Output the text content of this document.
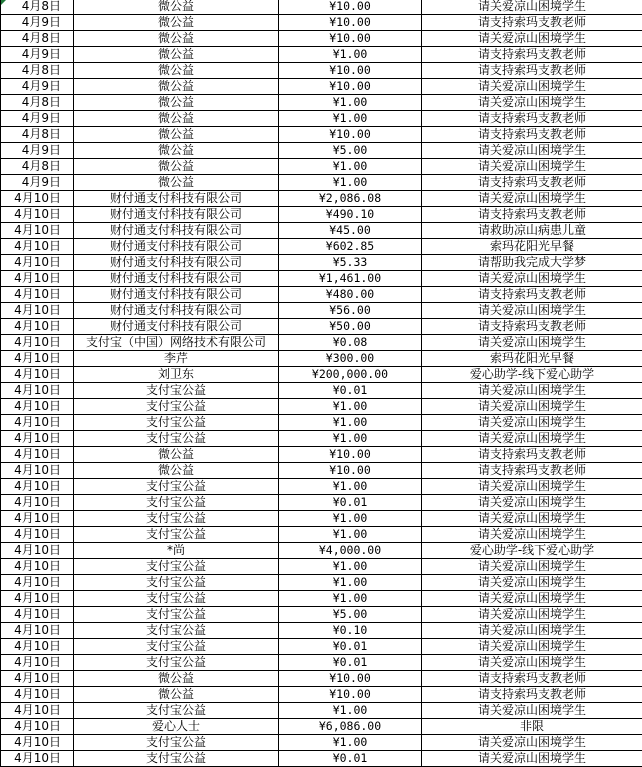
4月8日	微公益	¥10.00	请关爱凉山困境学生
4月9日	微公益	¥10.00	请支持索玛支教老师
4月8日	微公益	¥10.00	请关爱凉山困境学生
4月9日	微公益	¥1.00	请支持索玛支教老师
4月8日	微公益	¥10.00	请支持索玛支教老师
4月9日	微公益	¥10.00	请关爱凉山困境学生
4月8日	微公益	¥1.00	请关爱凉山困境学生
4月9日	微公益	¥1.00	请支持索玛支教老师
4月8日	微公益	¥10.00	请支持索玛支教老师
4月9日	微公益	¥5.00	请关爱凉山困境学生
4月8日	微公益	¥1.00	请关爱凉山困境学生
4月9日	微公益	¥1.00	请支持索玛支教老师
4月10日	财付通支付科技有限公司	¥2,086.08	请关爱凉山困境学生
4月10日	财付通支付科技有限公司	¥490.10	请支持索玛支教老师
4月10日	财付通支付科技有限公司	¥45.00	请救助凉山病患儿童
4月10日	财付通支付科技有限公司	¥602.85	索玛花阳光早餐
4月10日	财付通支付科技有限公司	¥5.33	请帮助我完成大学梦
4月10日	财付通支付科技有限公司	¥1,461.00	请关爱凉山困境学生
4月10日	财付通支付科技有限公司	¥480.00	请支持索玛支教老师
4月10日	财付通支付科技有限公司	¥56.00	请关爱凉山困境学生
4月10日	财付通支付科技有限公司	¥50.00	请支持索玛支教老师
4月10日	支付宝（中国）网络技术有限公司	¥0.08	请关爱凉山困境学生
4月10日	李芹	¥300.00	索玛花阳光早餐
4月10日	刘卫东	¥200,000.00	爱心助学-线下爱心助学
4月10日	支付宝公益	¥0.01	请关爱凉山困境学生
4月10日	支付宝公益	¥1.00	请关爱凉山困境学生
4月10日	支付宝公益	¥1.00	请关爱凉山困境学生
4月10日	支付宝公益	¥1.00	请关爱凉山困境学生
4月10日	微公益	¥10.00	请支持索玛支教老师
4月10日	微公益	¥10.00	请支持索玛支教老师
4月10日	支付宝公益	¥1.00	请关爱凉山困境学生
4月10日	支付宝公益	¥0.01	请关爱凉山困境学生
4月10日	支付宝公益	¥1.00	请关爱凉山困境学生
4月10日	支付宝公益	¥1.00	请关爱凉山困境学生
4月10日	*尚	¥4,000.00	爱心助学-线下爱心助学
4月10日	支付宝公益	¥1.00	请关爱凉山困境学生
4月10日	支付宝公益	¥1.00	请关爱凉山困境学生
4月10日	支付宝公益	¥1.00	请关爱凉山困境学生
4月10日	支付宝公益	¥5.00	请关爱凉山困境学生
4月10日	支付宝公益	¥0.10	请关爱凉山困境学生
4月10日	支付宝公益	¥0.01	请关爱凉山困境学生
4月10日	支付宝公益	¥0.01	请关爱凉山困境学生
4月10日	微公益	¥10.00	请支持索玛支教老师
4月10日	微公益	¥10.00	请支持索玛支教老师
4月10日	支付宝公益	¥1.00	请关爱凉山困境学生
4月10日	爱心人士	¥6,086.00	非限
4月10日	支付宝公益	¥1.00	请关爱凉山困境学生
4月10日	支付宝公益	¥0.01	请关爱凉山困境学生
